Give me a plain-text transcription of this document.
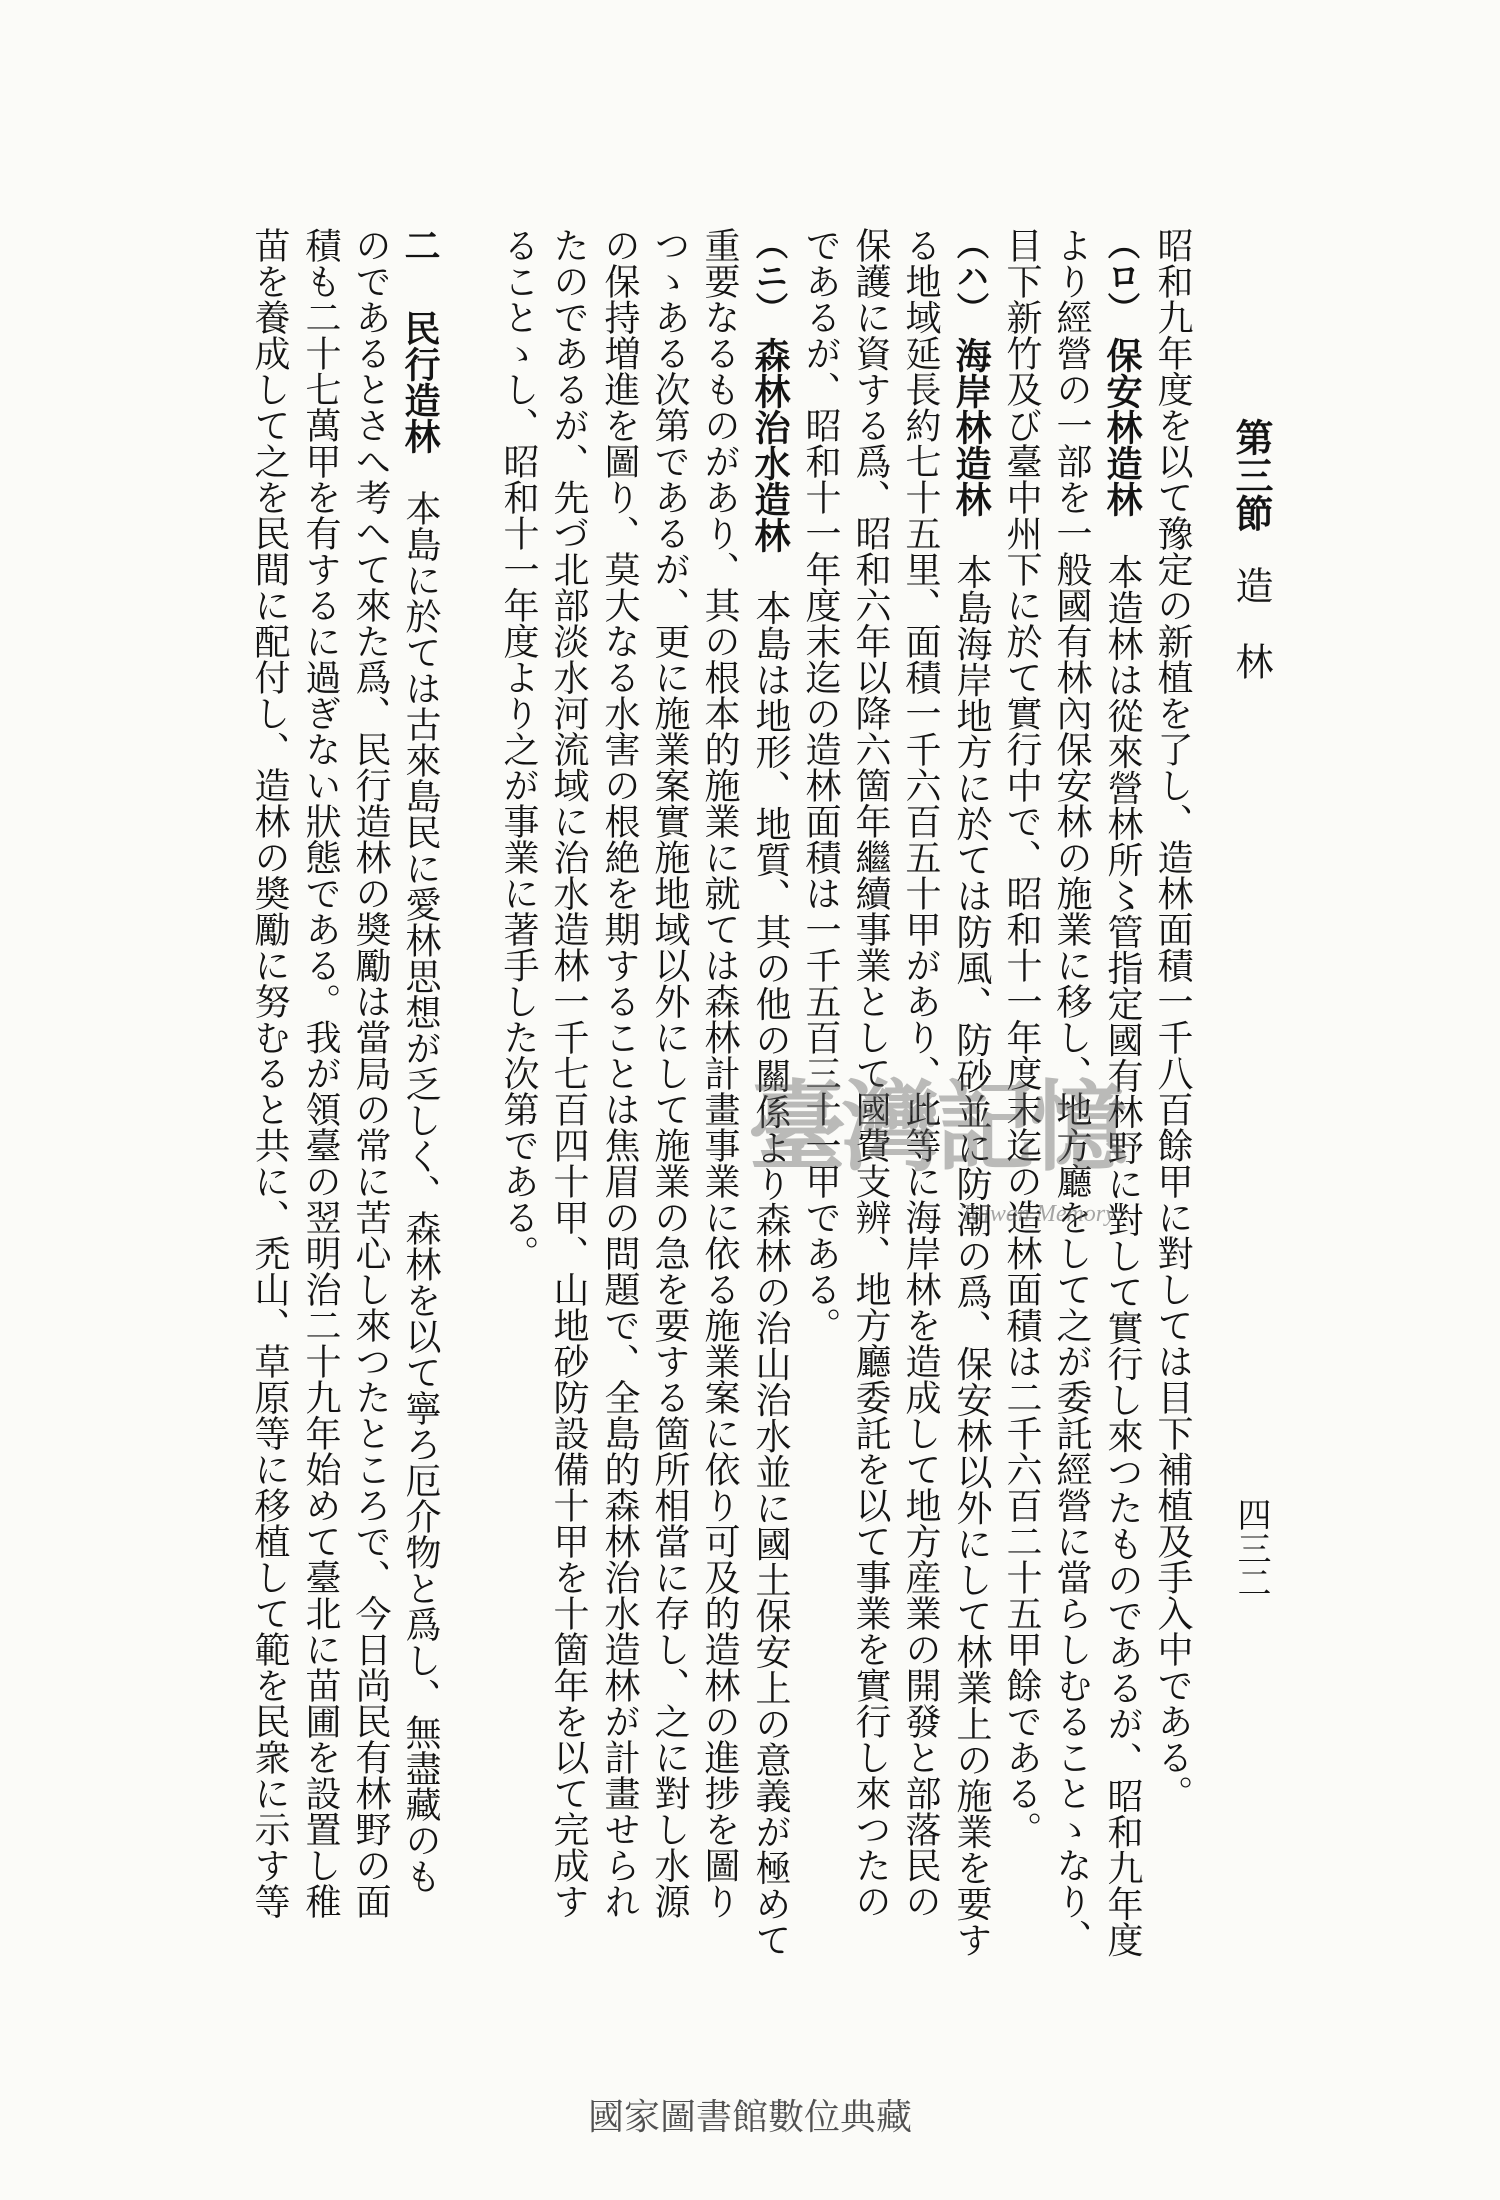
第三節造　林
四三二
昭和九年度を以て豫定の新植を了し、造林面積一千八百餘甲に對しては目下補植及手入中である。
（ロ）保安林造林本造林は從來營林所〻管指定國有林野に對して實行し來つたものであるが、昭和九年度
より經營の一部を一般國有林內保安林の施業に移し、地方廳をして之が委託經營に當らしむることゝなり、
目下新竹及び臺中州下に於て實行中で、昭和十一年度末迄の造林面積は二千六百二十五甲餘である。
（ハ）海岸林造林本島海岸地方に於ては防風、防砂並に防潮の爲、保安林以外にして林業上の施業を要す
る地域延長約七十五里、面積一千六百五十甲があり、此等に海岸林を造成して地方産業の開發と部落民の
保護に資する爲、昭和六年以降六箇年繼續事業として國費支辨、地方廳委託を以て事業を實行し來つたの
であるが、昭和十一年度末迄の造林面積は一千五百三十一甲である。
（ニ）森林治水造林本島は地形、地質、其の他の關係より森林の治山治水並に國土保安上の意義が極めて
重要なるものがあり、其の根本的施業に就ては森林計畫事業に依る施業案に依り可及的造林の進捗を圖り
つゝある次第であるが、更に施業案實施地域以外にして施業の急を要する箇所相當に存し、之に對し水源
の保持増進を圖り、莫大なる水害の根絶を期することは焦眉の問題で、全島的森林治水造林が計畫せられ
たのであるが、先づ北部淡水河流域に治水造林一千七百四十甲、山地砂防設備十甲を十箇年を以て完成す
ることゝし、昭和十一年度より之が事業に著手した次第である。
二民行造林本島に於ては古來島民に愛林思想が乏しく、森林を以て寧ろ厄介物と爲し、無盡藏のも
のであるとさへ考へて來た爲、民行造林の奬勵は當局の常に苦心し來つたところで、今日尚民有林野の面
積も二十七萬甲を有するに過ぎない狀態である。我が領臺の翌明治二十九年始めて臺北に苗圃を設置し稚
苗を養成して之を民間に配付し、造林の奬勵に努むると共に、禿山、草原等に移植して範を民衆に示す等	臺灣記憶
Taiwan Memory
國家圖書館數位典藏
